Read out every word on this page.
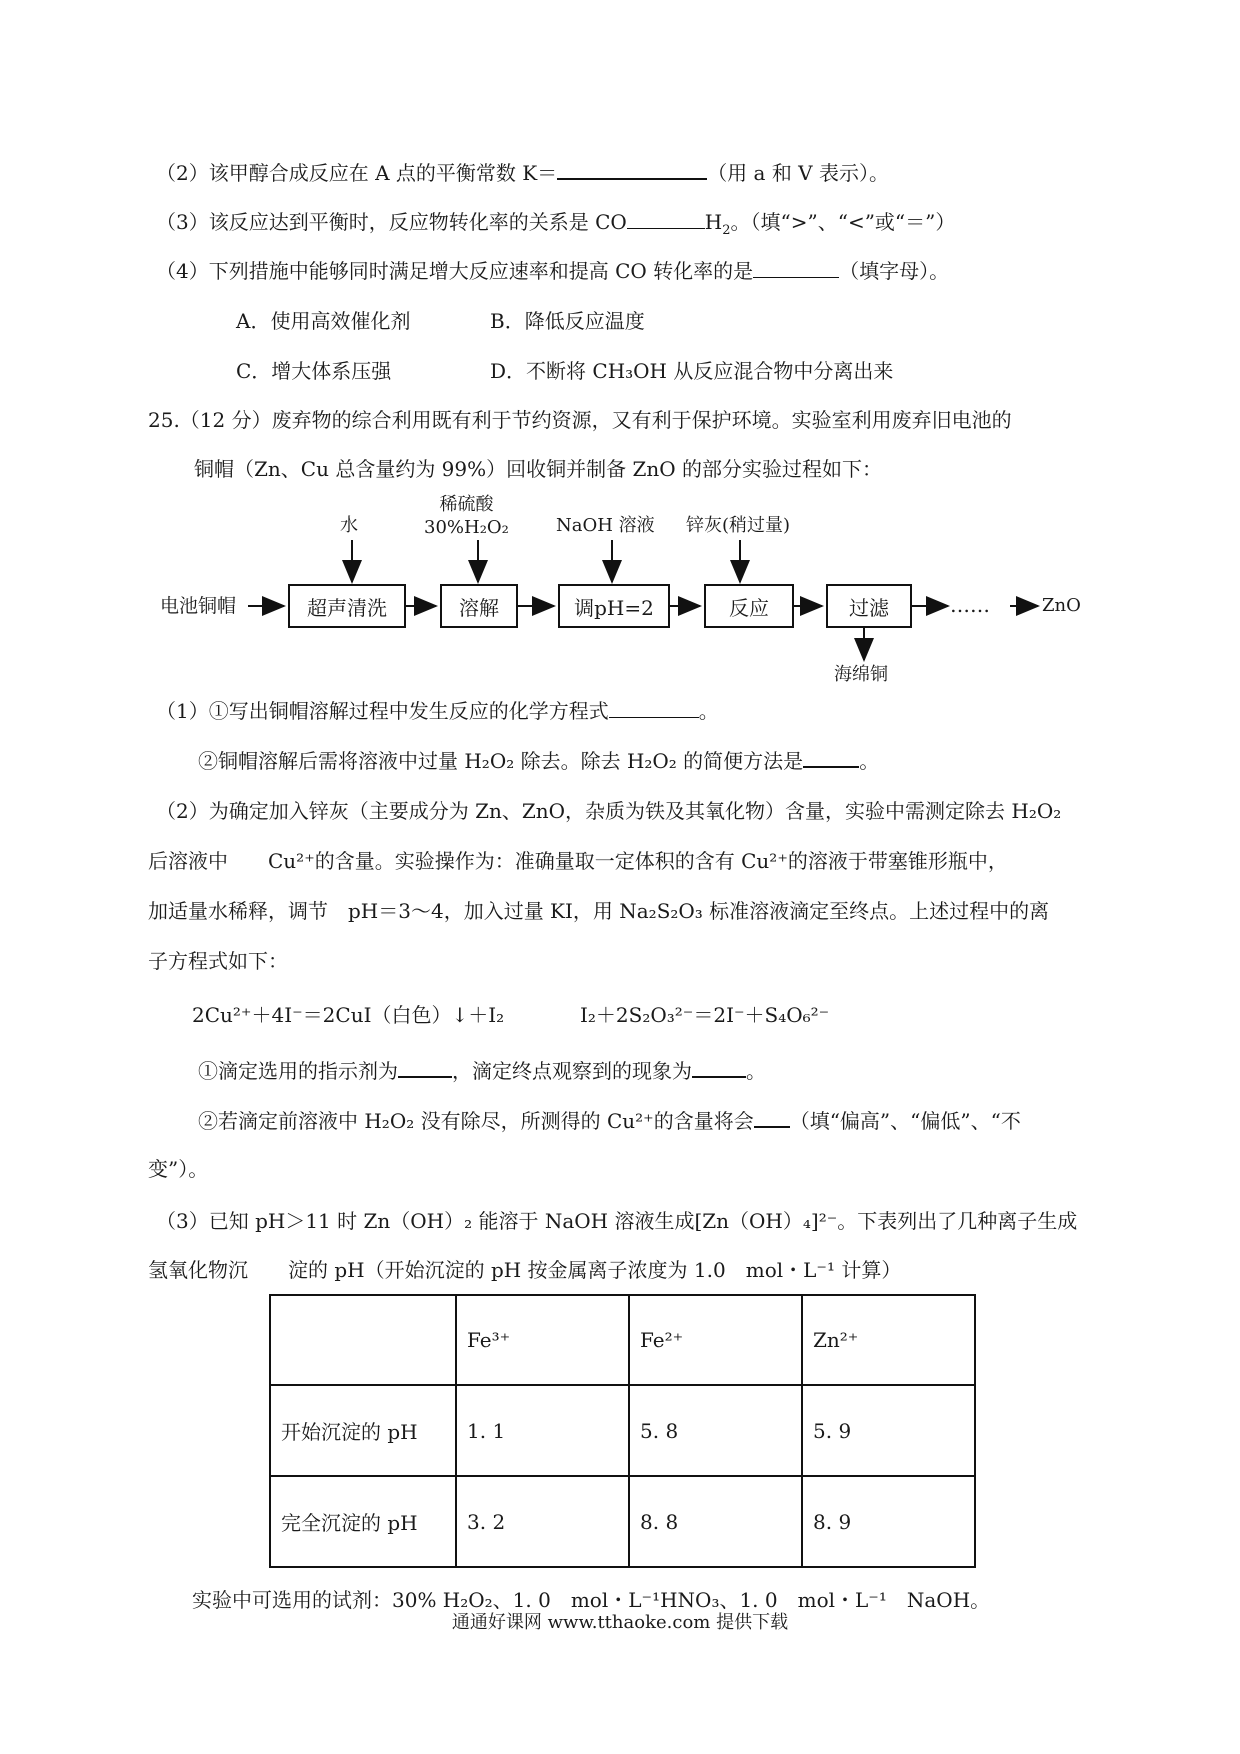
（2）该甲醇合成反应在 A 点的平衡常数 K＝	（用 a 和 V 表示）。
（3）该反应达到平衡时，反应物转化率的关系是 CO	$H_2$。（填“>”、“<”或“＝”）
（4）下列措施中能够同时满足增大反应速率和提高 CO 转化率的是	（填字母）。
A．使用高效催化剂	B．降低反应温度
C．增大体系压强	D．不断将 CH₃OH 从反应混合物中分离出来
25.（12 分）废弃物的综合利用既有利于节约资源，又有利于保护环境。实验室利用废弃旧电池的
铜帽（Zn、Cu 总含量约为 99%）回收铜并制备 ZnO 的部分实验过程如下：
电池铜帽	超声清洗	溶解	调pH=2	反应	过滤	……	ZnO
水
稀硫酸
30%H₂O₂	NaOH 溶液 锌灰(稍过量)
海绵铜
（1）①写出铜帽溶解过程中发生反应的化学方程式	。
②铜帽溶解后需将溶液中过量 H₂O₂ 除去。除去 H₂O₂ 的简便方法是	。
（2）为确定加入锌灰（主要成分为 Zn、ZnO，杂质为铁及其氧化物）含量，实验中需测定除去 H₂O₂
后溶液中　　Cu²⁺的含量。实验操作为：准确量取一定体积的含有 Cu²⁺的溶液于带塞锥形瓶中，
加适量水稀释，调节　pH＝3～4，加入过量 KI，用 Na₂S₂O₃ 标准溶液滴定至终点。上述过程中的离
子方程式如下：
2Cu²⁺＋4I⁻＝2CuI（白色）↓＋I₂	I₂＋2S₂O₃²⁻＝2I⁻＋S₄O₆²⁻
①滴定选用的指示剂为	，滴定终点观察到的现象为	。
②若滴定前溶液中 H₂O₂ 没有除尽，所测得的 Cu²⁺的含量将会 （填“偏高”、“偏低”、“不
变”）。
（3）已知 pH＞11 时 Zn（OH）₂ 能溶于 NaOH 溶液生成[Zn（OH）₄]²⁻。下表列出了几种离子生成
氢氧化物沉　　淀的 pH（开始沉淀的 pH 按金属离子浓度为 1.0　mol・L⁻¹ 计算）
	Fe³⁺	Fe²⁺	Zn²⁺
开始沉淀的 pH	1. 1	5. 8	5. 9
完全沉淀的 pH	3. 2	8. 8	8. 9
实验中可选用的试剂：30% H₂O₂、1. 0　mol・L⁻¹HNO₃、1. 0　mol・L⁻¹　NaOH。
通通好课网 www.tthaoke.com 提供下载
